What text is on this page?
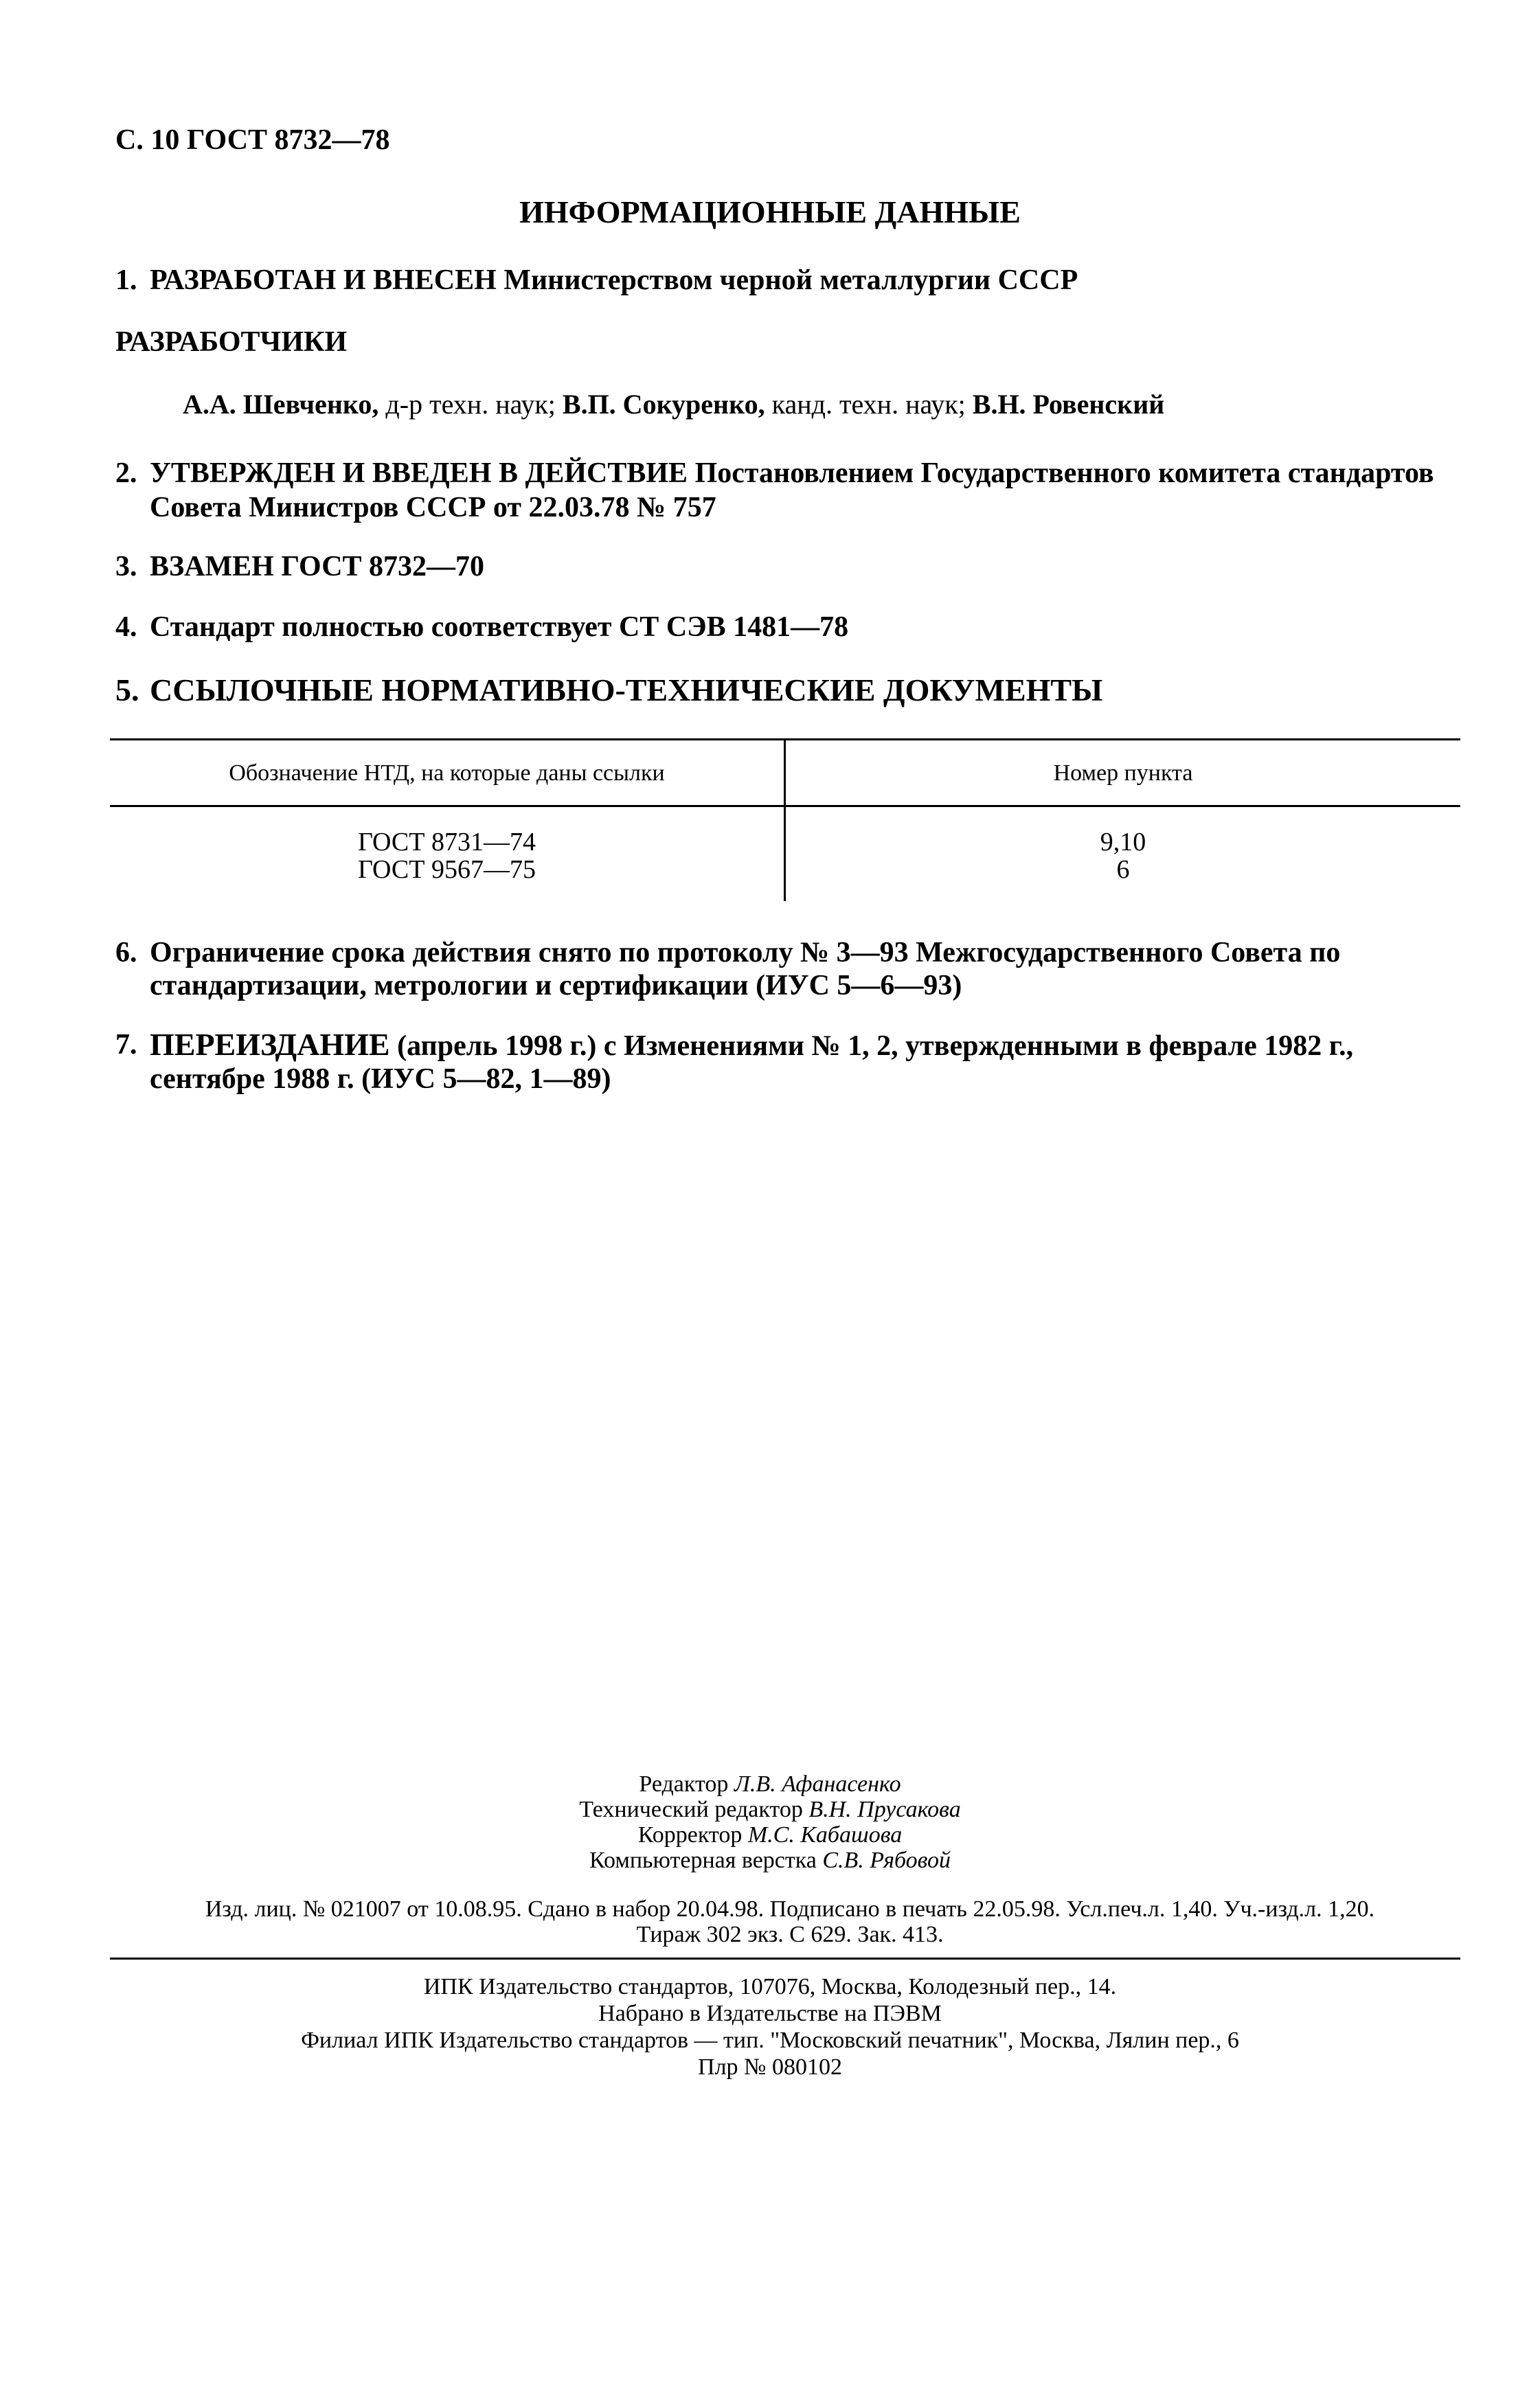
С. 10 ГОСТ 8732—78
ИНФОРМАЦИОННЫЕ ДАННЫЕ
1. РАЗРАБОТАН И ВНЕСЕН Министерством черной металлургии СССР
РАЗРАБОТЧИКИ
А.А. Шевченко, д-р техн. наук; В.П. Сокуренко, канд. техн. наук; В.Н. Ровенский
2. УТВЕРЖДЕН И ВВЕДЕН В ДЕЙСТВИЕ Постановлением Государственного комитета стандартов Совета Министров СССР от 22.03.78 № 757
3. ВЗАМЕН ГОСТ 8732—70
4. Стандарт полностью соответствует СТ СЭВ 1481—78
5. ССЫЛОЧНЫЕ НОРМАТИВНО-ТЕХНИЧЕСКИЕ ДОКУМЕНТЫ
Обозначение НТД, на которые даны ссылки	Номер пункта
ГОСТ 8731—74	9,10
ГОСТ 9567—75	6
6. Ограничение срока действия снято по протоколу № 3—93 Межгосударственного Совета по стандартизации, метрологии и сертификации (ИУС 5—6—93)
7. ПЕРЕИЗДАНИЕ (апрель 1998 г.) с Изменениями № 1, 2, утвержденными в феврале 1982 г., сентябре 1988 г. (ИУС 5—82, 1—89)
Редактор Л.В. Афанасенко
Технический редактор В.Н. Прусакова
Корректор М.С. Кабашова
Компьютерная верстка С.В. Рябовой
Изд. лиц. № 021007 от 10.08.95. Сдано в набор 20.04.98. Подписано в печать 22.05.98. Усл.печ.л. 1,40. Уч.-изд.л. 1,20.
Тираж 302 экз. С 629. Зак. 413.
ИПК Издательство стандартов, 107076, Москва, Колодезный пер., 14.
Набрано в Издательстве на ПЭВМ
Филиал ИПК Издательство стандартов — тип. "Московский печатник", Москва, Лялин пер., 6
Плр № 080102
